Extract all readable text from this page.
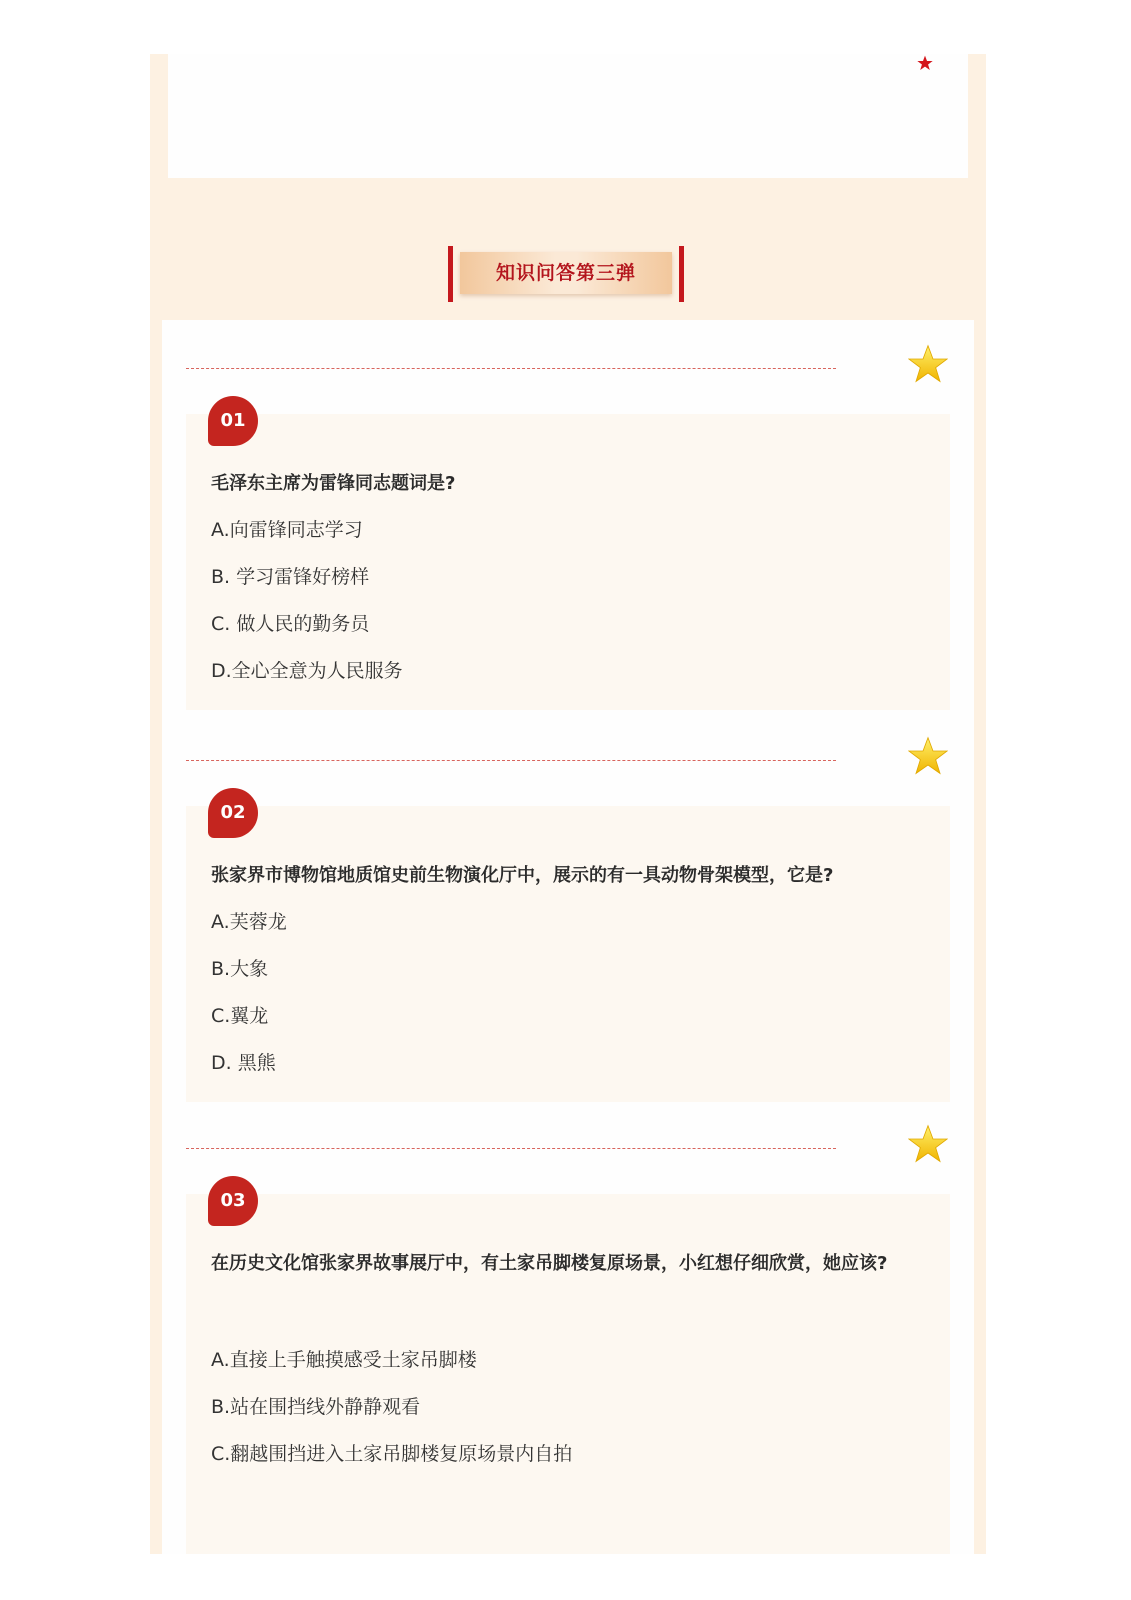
知识问答第三弹
01
毛泽东主席为雷锋同志题词是?
A.向雷锋同志学习
B. 学习雷锋好榜样
C. 做人民的勤务员
D.全心全意为人民服务
02
张家界市博物馆地质馆史前生物演化厅中，展示的有一具动物骨架模型，它是?
A.芙蓉龙
B.大象
C.翼龙
D. 黑熊
03
在历史文化馆张家界故事展厅中，有土家吊脚楼复原场景，小红想仔细欣赏，她应该?
A.直接上手触摸感受土家吊脚楼
B.站在围挡线外静静观看
C.翻越围挡进入土家吊脚楼复原场景内自拍
